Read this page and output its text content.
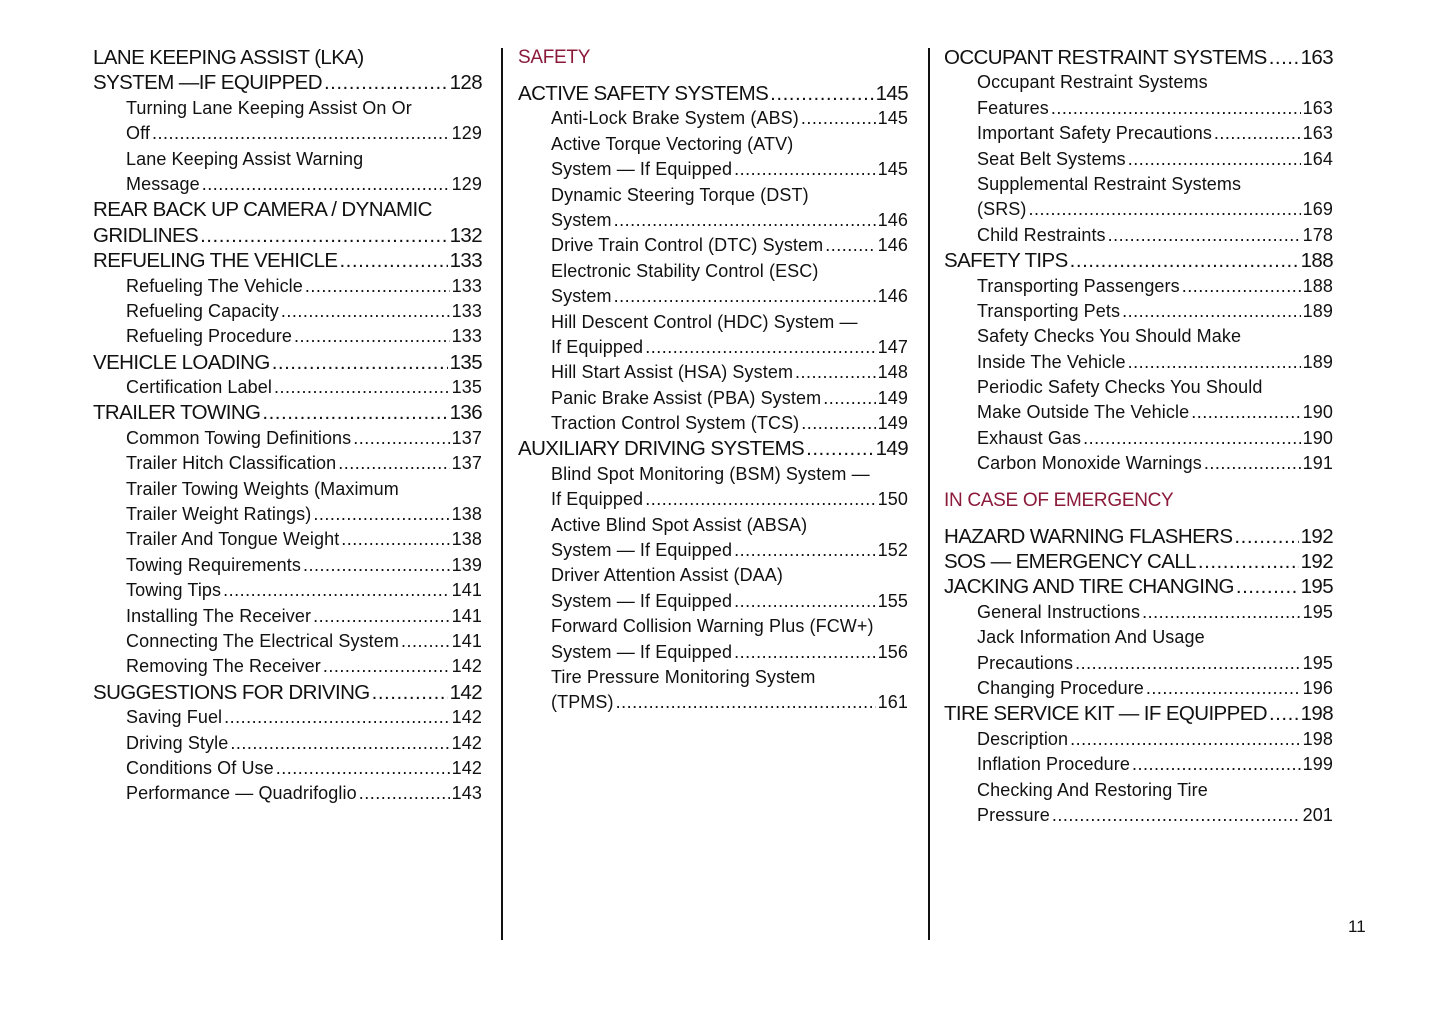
LANE KEEPING ASSIST (LKA)
SYSTEM —IF EQUIPPED .....	128
Turning Lane Keeping Assist On Or
Off .....	129
Lane Keeping Assist Warning
Message .....	129
REAR BACK UP CAMERA / DYNAMIC
GRIDLINES .....	132
REFUELING THE VEHICLE .....	133
Refueling The Vehicle .....	133
Refueling Capacity .....	133
Refueling Procedure .....	133
VEHICLE LOADING .....	135
Certification Label .....	135
TRAILER TOWING .....	136
Common Towing Definitions .....	137
Trailer Hitch Classification .....	137
Trailer Towing Weights (Maximum
Trailer Weight Ratings) .....	138
Trailer And Tongue Weight .....	138
Towing Requirements .....	139
Towing Tips .....	141
Installing The Receiver .....	141
Connecting The Electrical System .....	141
Removing The Receiver .....	142
SUGGESTIONS FOR DRIVING .....	142
Saving Fuel .....	142
Driving Style .....	142
Conditions Of Use .....	142
Performance — Quadrifoglio .....	143
SAFETY
ACTIVE SAFETY SYSTEMS .....	145
Anti-Lock Brake System (ABS) .....	145
Active Torque Vectoring (ATV)
System — If Equipped .....	145
Dynamic Steering Torque (DST)
System .....	146
Drive Train Control (DTC) System .....	146
Electronic Stability Control (ESC)
System .....	146
Hill Descent Control (HDC) System —
If Equipped .....	147
Hill Start Assist (HSA) System .....	148
Panic Brake Assist (PBA) System .....	149
Traction Control System (TCS) .....	149
AUXILIARY DRIVING SYSTEMS .....	149
Blind Spot Monitoring (BSM) System —
If Equipped .....	150
Active Blind Spot Assist (ABSA)
System — If Equipped .....	152
Driver Attention Assist (DAA)
System — If Equipped .....	155
Forward Collision Warning Plus (FCW+)
System — If Equipped .....	156
Tire Pressure Monitoring System
(TPMS) .....	161
OCCUPANT RESTRAINT SYSTEMS ..... 163
Occupant Restraint Systems
Features .....	163
Important Safety Precautions .....	163
Seat Belt Systems .....	164
Supplemental Restraint Systems
(SRS) .....	169
Child Restraints .....	178
SAFETY TIPS .....	188
Transporting Passengers .....	188
Transporting Pets .....	189
Safety Checks You Should Make
Inside The Vehicle .....	189
Periodic Safety Checks You Should
Make Outside The Vehicle .....	190
Exhaust Gas .....	190
Carbon Monoxide Warnings .....	191
IN CASE OF EMERGENCY
HAZARD WARNING FLASHERS .....	192
SOS — EMERGENCY CALL .....	192
JACKING AND TIRE CHANGING .....	195
General Instructions .....	195
Jack Information And Usage
Precautions .....	195
Changing Procedure .....	196
TIRE SERVICE KIT — IF EQUIPPED ..... 198
Description .....	198
Inflation Procedure .....	199
Checking And Restoring Tire
Pressure .....	201
11
